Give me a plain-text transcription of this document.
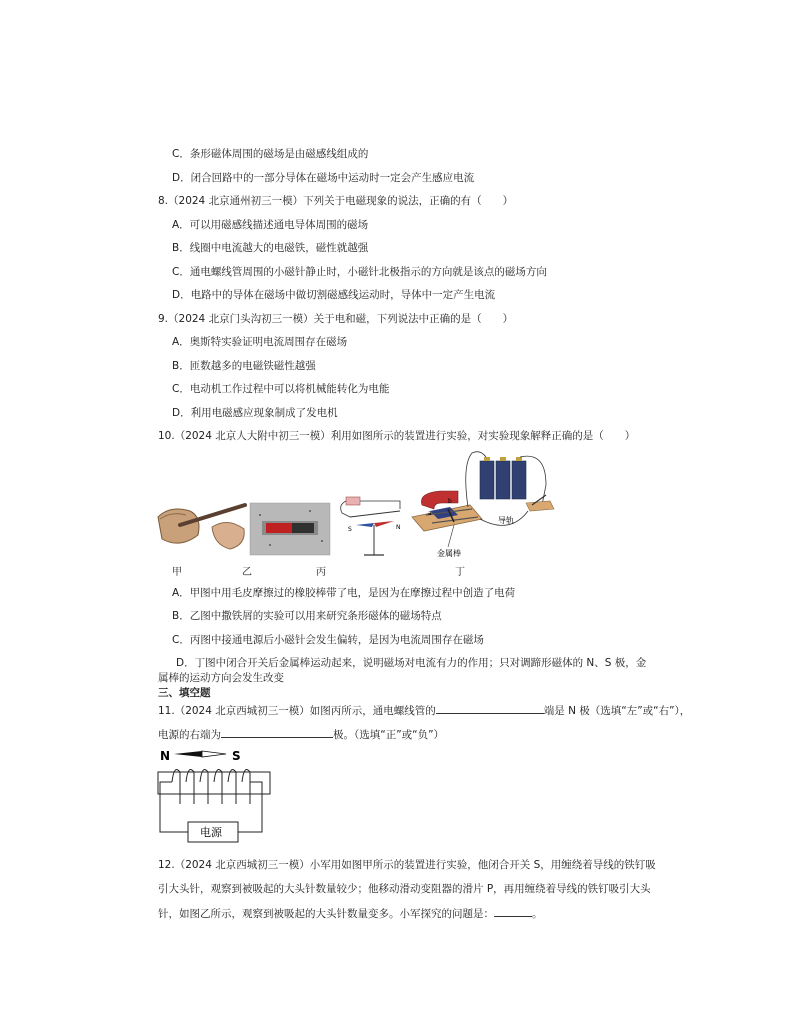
C．条形磁体周围的磁场是由磁感线组成的
D．闭合回路中的一部分导体在磁场中运动时一定会产生感应电流
8.（2024 北京通州初三一模）下列关于电磁现象的说法，正确的有（　　）
A．可以用磁感线描述通电导体周围的磁场
B．线圈中电流越大的电磁铁，磁性就越强
C．通电螺线管周围的小磁针静止时，小磁针北极指示的方向就是该点的磁场方向
D．电路中的导体在磁场中做切割磁感线运动时，导体中一定产生电流
9.（2024 北京门头沟初三一模）关于电和磁，下列说法中正确的是（　　）
A．奥斯特实验证明电流周围存在磁场
B．匝数越多的电磁铁磁性越强
C．电动机工作过程中可以将机械能转化为电能
D．利用电磁感应现象制成了发电机
10.（2024 北京人大附中初三一模）利用如图所示的装置进行实验，对实验现象解释正确的是（　　）
S	N
a
b
导轨
金属棒
甲	乙	丙	丁
A．甲图中用毛皮摩擦过的橡胶棒带了电，是因为在摩擦过程中创造了电荷
B．乙图中撒铁屑的实验可以用来研究条形磁体的磁场特点
C．丙图中接通电源后小磁针会发生偏转，是因为电流周围存在磁场
D．丁图中闭合开关后金属棒运动起来，说明磁场对电流有力的作用；只对调蹄形磁体的 N、S 极，金
属棒的运动方向会发生改变
三、填空题
11.（2024 北京西城初三一模）如图丙所示，通电螺线管的	端是 N 极（选填“左”或“右”），
电源的右端为	极。（选填“正”或“负”）
N	S
电源
12.（2024 北京西城初三一模）小军用如图甲所示的装置进行实验，他闭合开关 S，用缠绕着导线的铁钉吸
引大头针，观察到被吸起的大头针数量较少；他移动滑动变阻器的滑片 P，再用缠绕着导线的铁钉吸引大头
针，如图乙所示，观察到被吸起的大头针数量变多。小军探究的问题是：	。
